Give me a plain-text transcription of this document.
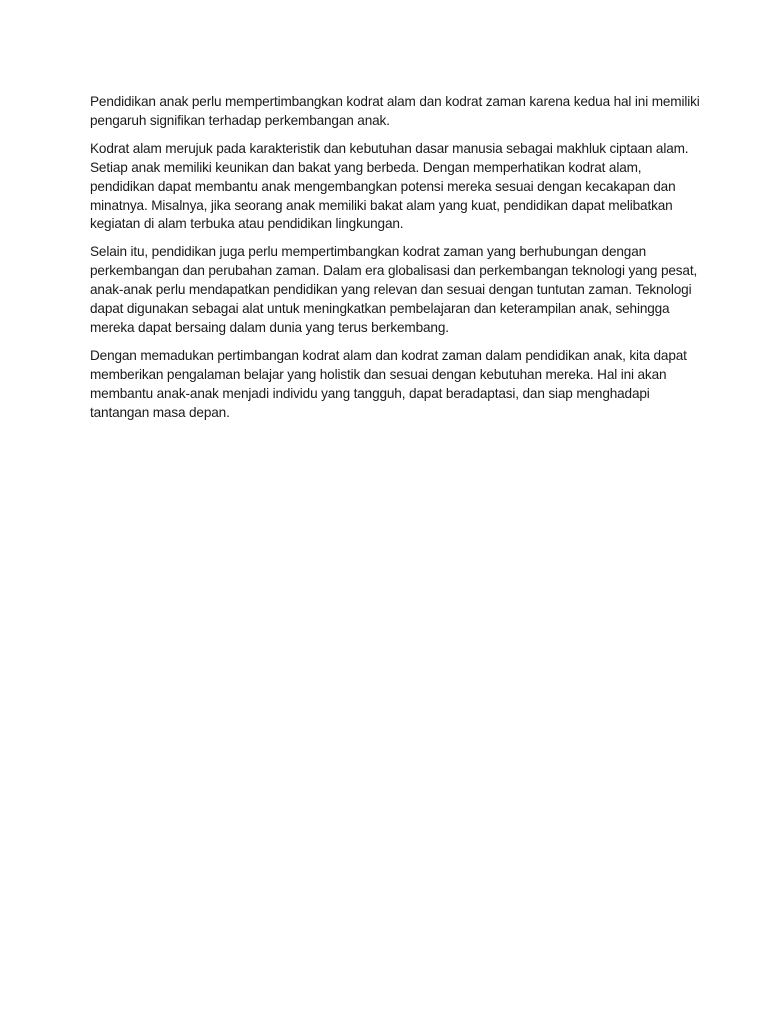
Pendidikan anak perlu mempertimbangkan kodrat alam dan kodrat zaman karena kedua hal ini memiliki
pengaruh signifikan terhadap perkembangan anak.

Kodrat alam merujuk pada karakteristik dan kebutuhan dasar manusia sebagai makhluk ciptaan alam.
Setiap anak memiliki keunikan dan bakat yang berbeda. Dengan memperhatikan kodrat alam,
pendidikan dapat membantu anak mengembangkan potensi mereka sesuai dengan kecakapan dan
minatnya. Misalnya, jika seorang anak memiliki bakat alam yang kuat, pendidikan dapat melibatkan
kegiatan di alam terbuka atau pendidikan lingkungan.

Selain itu, pendidikan juga perlu mempertimbangkan kodrat zaman yang berhubungan dengan
perkembangan dan perubahan zaman. Dalam era globalisasi dan perkembangan teknologi yang pesat,
anak-anak perlu mendapatkan pendidikan yang relevan dan sesuai dengan tuntutan zaman. Teknologi
dapat digunakan sebagai alat untuk meningkatkan pembelajaran dan keterampilan anak, sehingga
mereka dapat bersaing dalam dunia yang terus berkembang.

Dengan memadukan pertimbangan kodrat alam dan kodrat zaman dalam pendidikan anak, kita dapat
memberikan pengalaman belajar yang holistik dan sesuai dengan kebutuhan mereka. Hal ini akan
membantu anak-anak menjadi individu yang tangguh, dapat beradaptasi, dan siap menghadapi
tantangan masa depan.
